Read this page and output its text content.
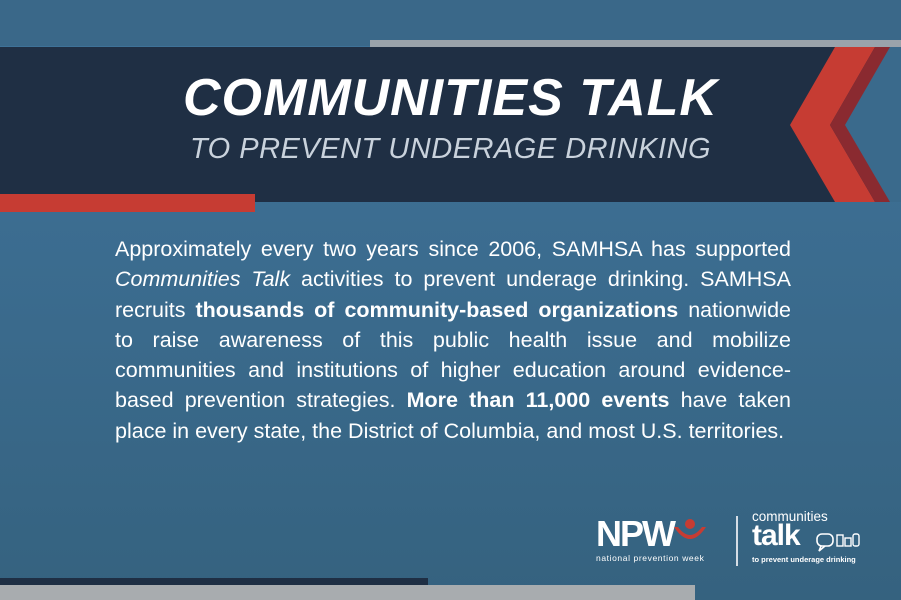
COMMUNITIES TALK
TO PREVENT UNDERAGE DRINKING
Approximately every two years since 2006, SAMHSA has supported Communities Talk activities to prevent underage drinking. SAMHSA recruits thousands of community-based organizations nationwide to raise awareness of this public health issue and mobilize communities and institutions of higher education around evidence-based prevention strategies. More than 11,000 events have taken place in every state, the District of Columbia, and most U.S. territories.
NPW
national prevention week
communities
talk
to prevent underage drinking
